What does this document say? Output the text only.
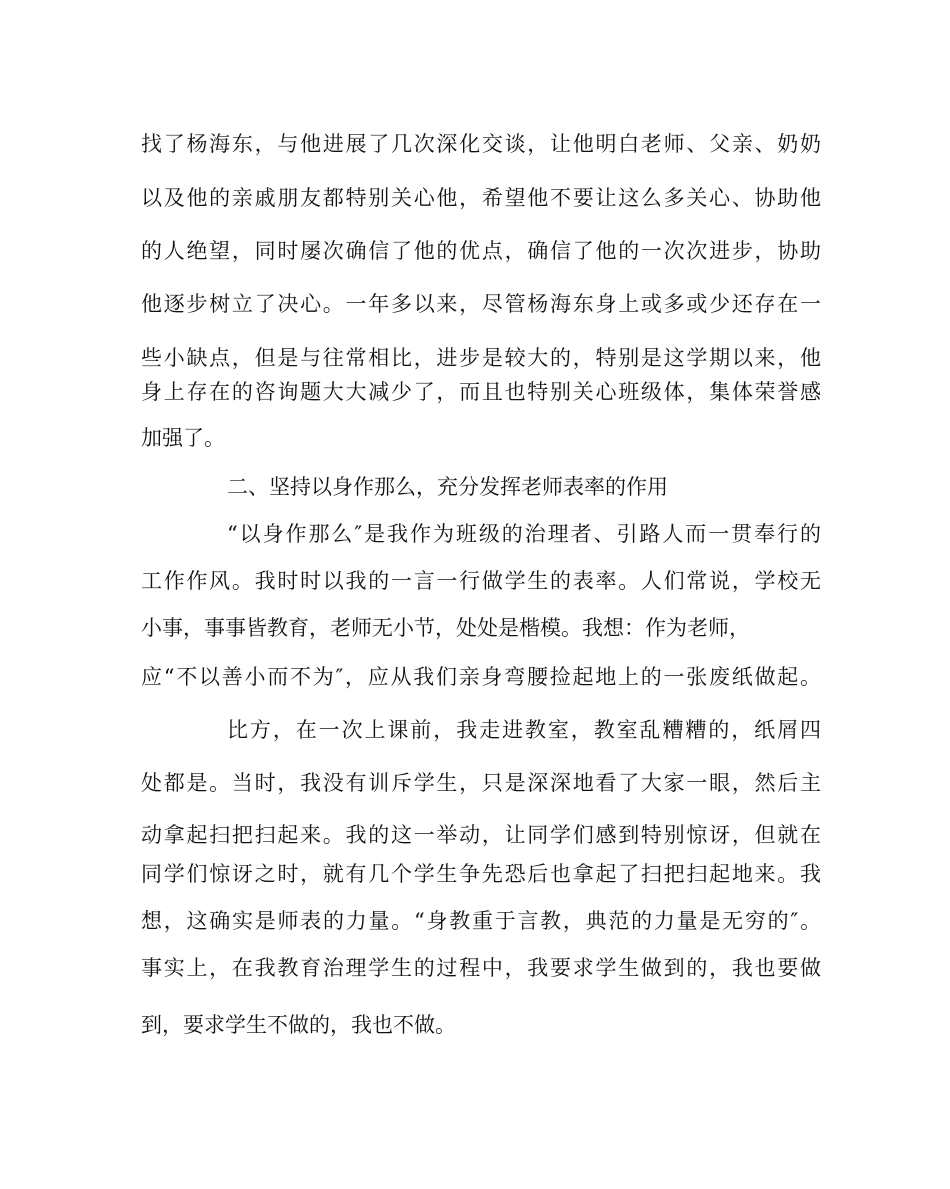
找了杨海东，与他进展了几次深化交谈，让他明白老师、父亲、奶奶
以及他的亲戚朋友都特别关心他，希望他不要让这么多关心、协助他
的人绝望，同时屡次确信了他的优点，确信了他的一次次进步，协助
他逐步树立了决心。一年多以来，尽管杨海东身上或多或少还存在一
些小缺点，但是与往常相比，进步是较大的，特别是这学期以来，他
身上存在的咨询题大大减少了，而且也特别关心班级体，集体荣誉感
加强了。
二、坚持以身作那么，充分发挥老师表率的作用
“以身作那么″是我作为班级的治理者、引路人而一贯奉行的
工作作风。我时时以我的一言一行做学生的表率。人们常说，学校无
小事，事事皆教育，老师无小节，处处是楷模。我想：作为老师，
应“不以善小而不为″，应从我们亲身弯腰捡起地上的一张废纸做起。
比方，在一次上课前，我走进教室，教室乱糟糟的，纸屑四
处都是。当时，我没有训斥学生，只是深深地看了大家一眼，然后主
动拿起扫把扫起来。我的这一举动，让同学们感到特别惊讶，但就在
同学们惊讶之时，就有几个学生争先恐后也拿起了扫把扫起地来。我
想，这确实是师表的力量。“身教重于言教，典范的力量是无穷的″。
事实上，在我教育治理学生的过程中，我要求学生做到的，我也要做
到，要求学生不做的，我也不做。
